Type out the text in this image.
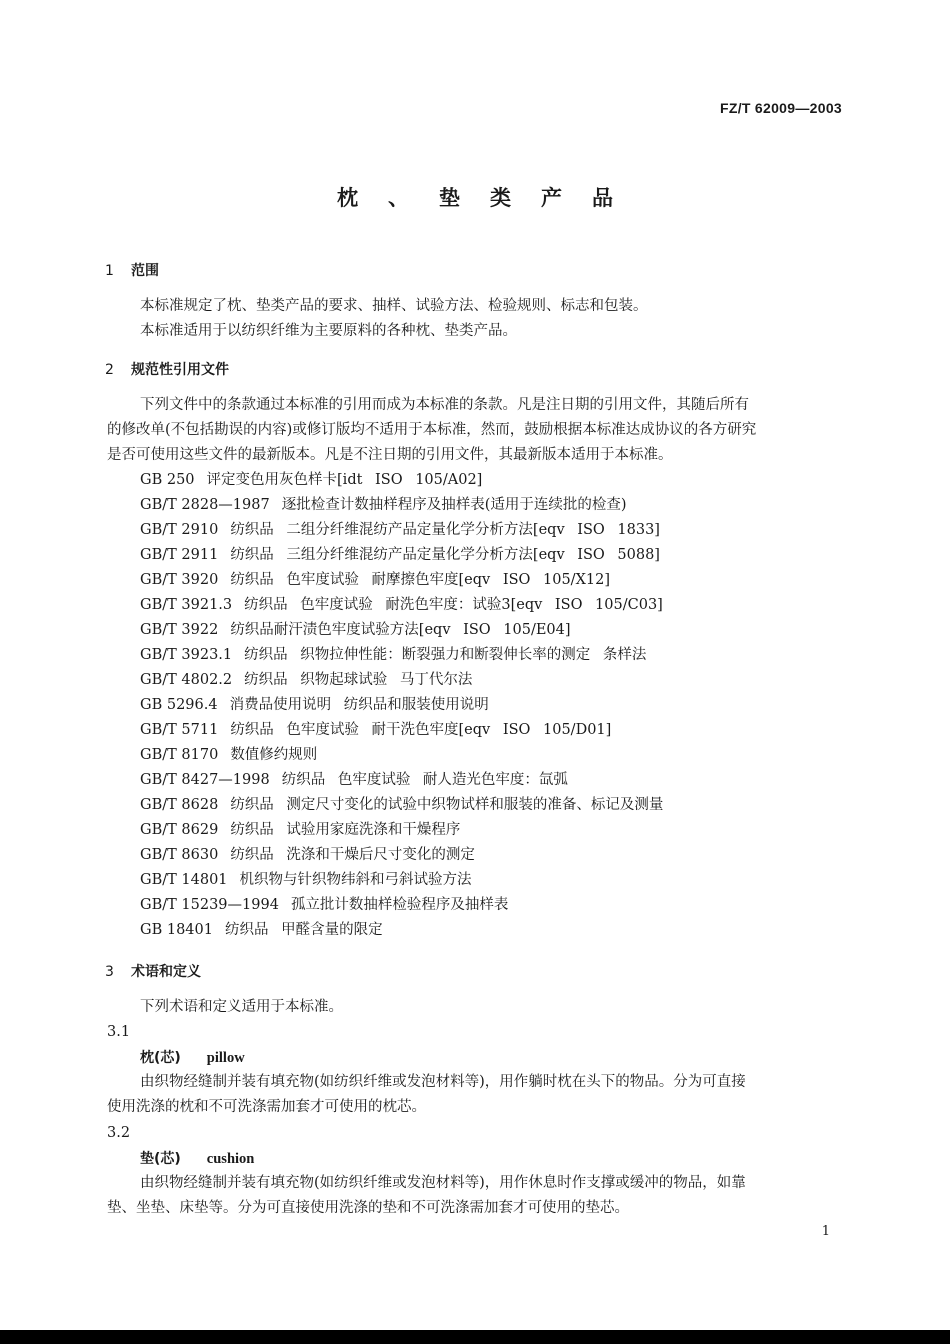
FZ/T 62009—2003
枕、垫类产品
1 范围
本标准规定了枕、垫类产品的要求、抽样、试验方法、检验规则、标志和包装。
本标准适用于以纺织纤维为主要原料的各种枕、垫类产品。
2 规范性引用文件
下列文件中的条款通过本标准的引用而成为本标准的条款。凡是注日期的引用文件，其随后所有
的修改单(不包括勘误的内容)或修订版均不适用于本标准，然而，鼓励根据本标准达成协议的各方研究
是否可使用这些文件的最新版本。凡是不注日期的引用文件，其最新版本适用于本标准。
GB 250 评定变色用灰色样卡[idt ISO 105/A02]
GB/T 2828—1987 逐批检查计数抽样程序及抽样表(适用于连续批的检查)
GB/T 2910 纺织品 二组分纤维混纺产品定量化学分析方法[eqv ISO 1833]
GB/T 2911 纺织品 三组分纤维混纺产品定量化学分析方法[eqv ISO 5088]
GB/T 3920 纺织品 色牢度试验 耐摩擦色牢度[eqv ISO 105/X12]
GB/T 3921.3 纺织品 色牢度试验 耐洗色牢度：试验3[eqv ISO 105/C03]
GB/T 3922 纺织品耐汗渍色牢度试验方法[eqv ISO 105/E04]
GB/T 3923.1 纺织品 织物拉伸性能：断裂强力和断裂伸长率的测定 条样法
GB/T 4802.2 纺织品 织物起球试验 马丁代尔法
GB 5296.4 消费品使用说明 纺织品和服装使用说明
GB/T 5711 纺织品 色牢度试验 耐干洗色牢度[eqv ISO 105/D01]
GB/T 8170 数值修约规则
GB/T 8427—1998 纺织品 色牢度试验 耐人造光色牢度：氙弧
GB/T 8628 纺织品 测定尺寸变化的试验中织物试样和服装的准备、标记及测量
GB/T 8629 纺织品 试验用家庭洗涤和干燥程序
GB/T 8630 纺织品 洗涤和干燥后尺寸变化的测定
GB/T 14801 机织物与针织物纬斜和弓斜试验方法
GB/T 15239—1994 孤立批计数抽样检验程序及抽样表
GB 18401 纺织品 甲醛含量的限定
3 术语和定义
下列术语和定义适用于本标准。
3.1
枕(芯) pillow
由织物经缝制并装有填充物(如纺织纤维或发泡材料等)，用作躺时枕在头下的物品。分为可直接
使用洗涤的枕和不可洗涤需加套才可使用的枕芯。
3.2
垫(芯) cushion
由织物经缝制并装有填充物(如纺织纤维或发泡材料等)，用作休息时作支撑或缓冲的物品，如靠
垫、坐垫、床垫等。分为可直接使用洗涤的垫和不可洗涤需加套才可使用的垫芯。
1
